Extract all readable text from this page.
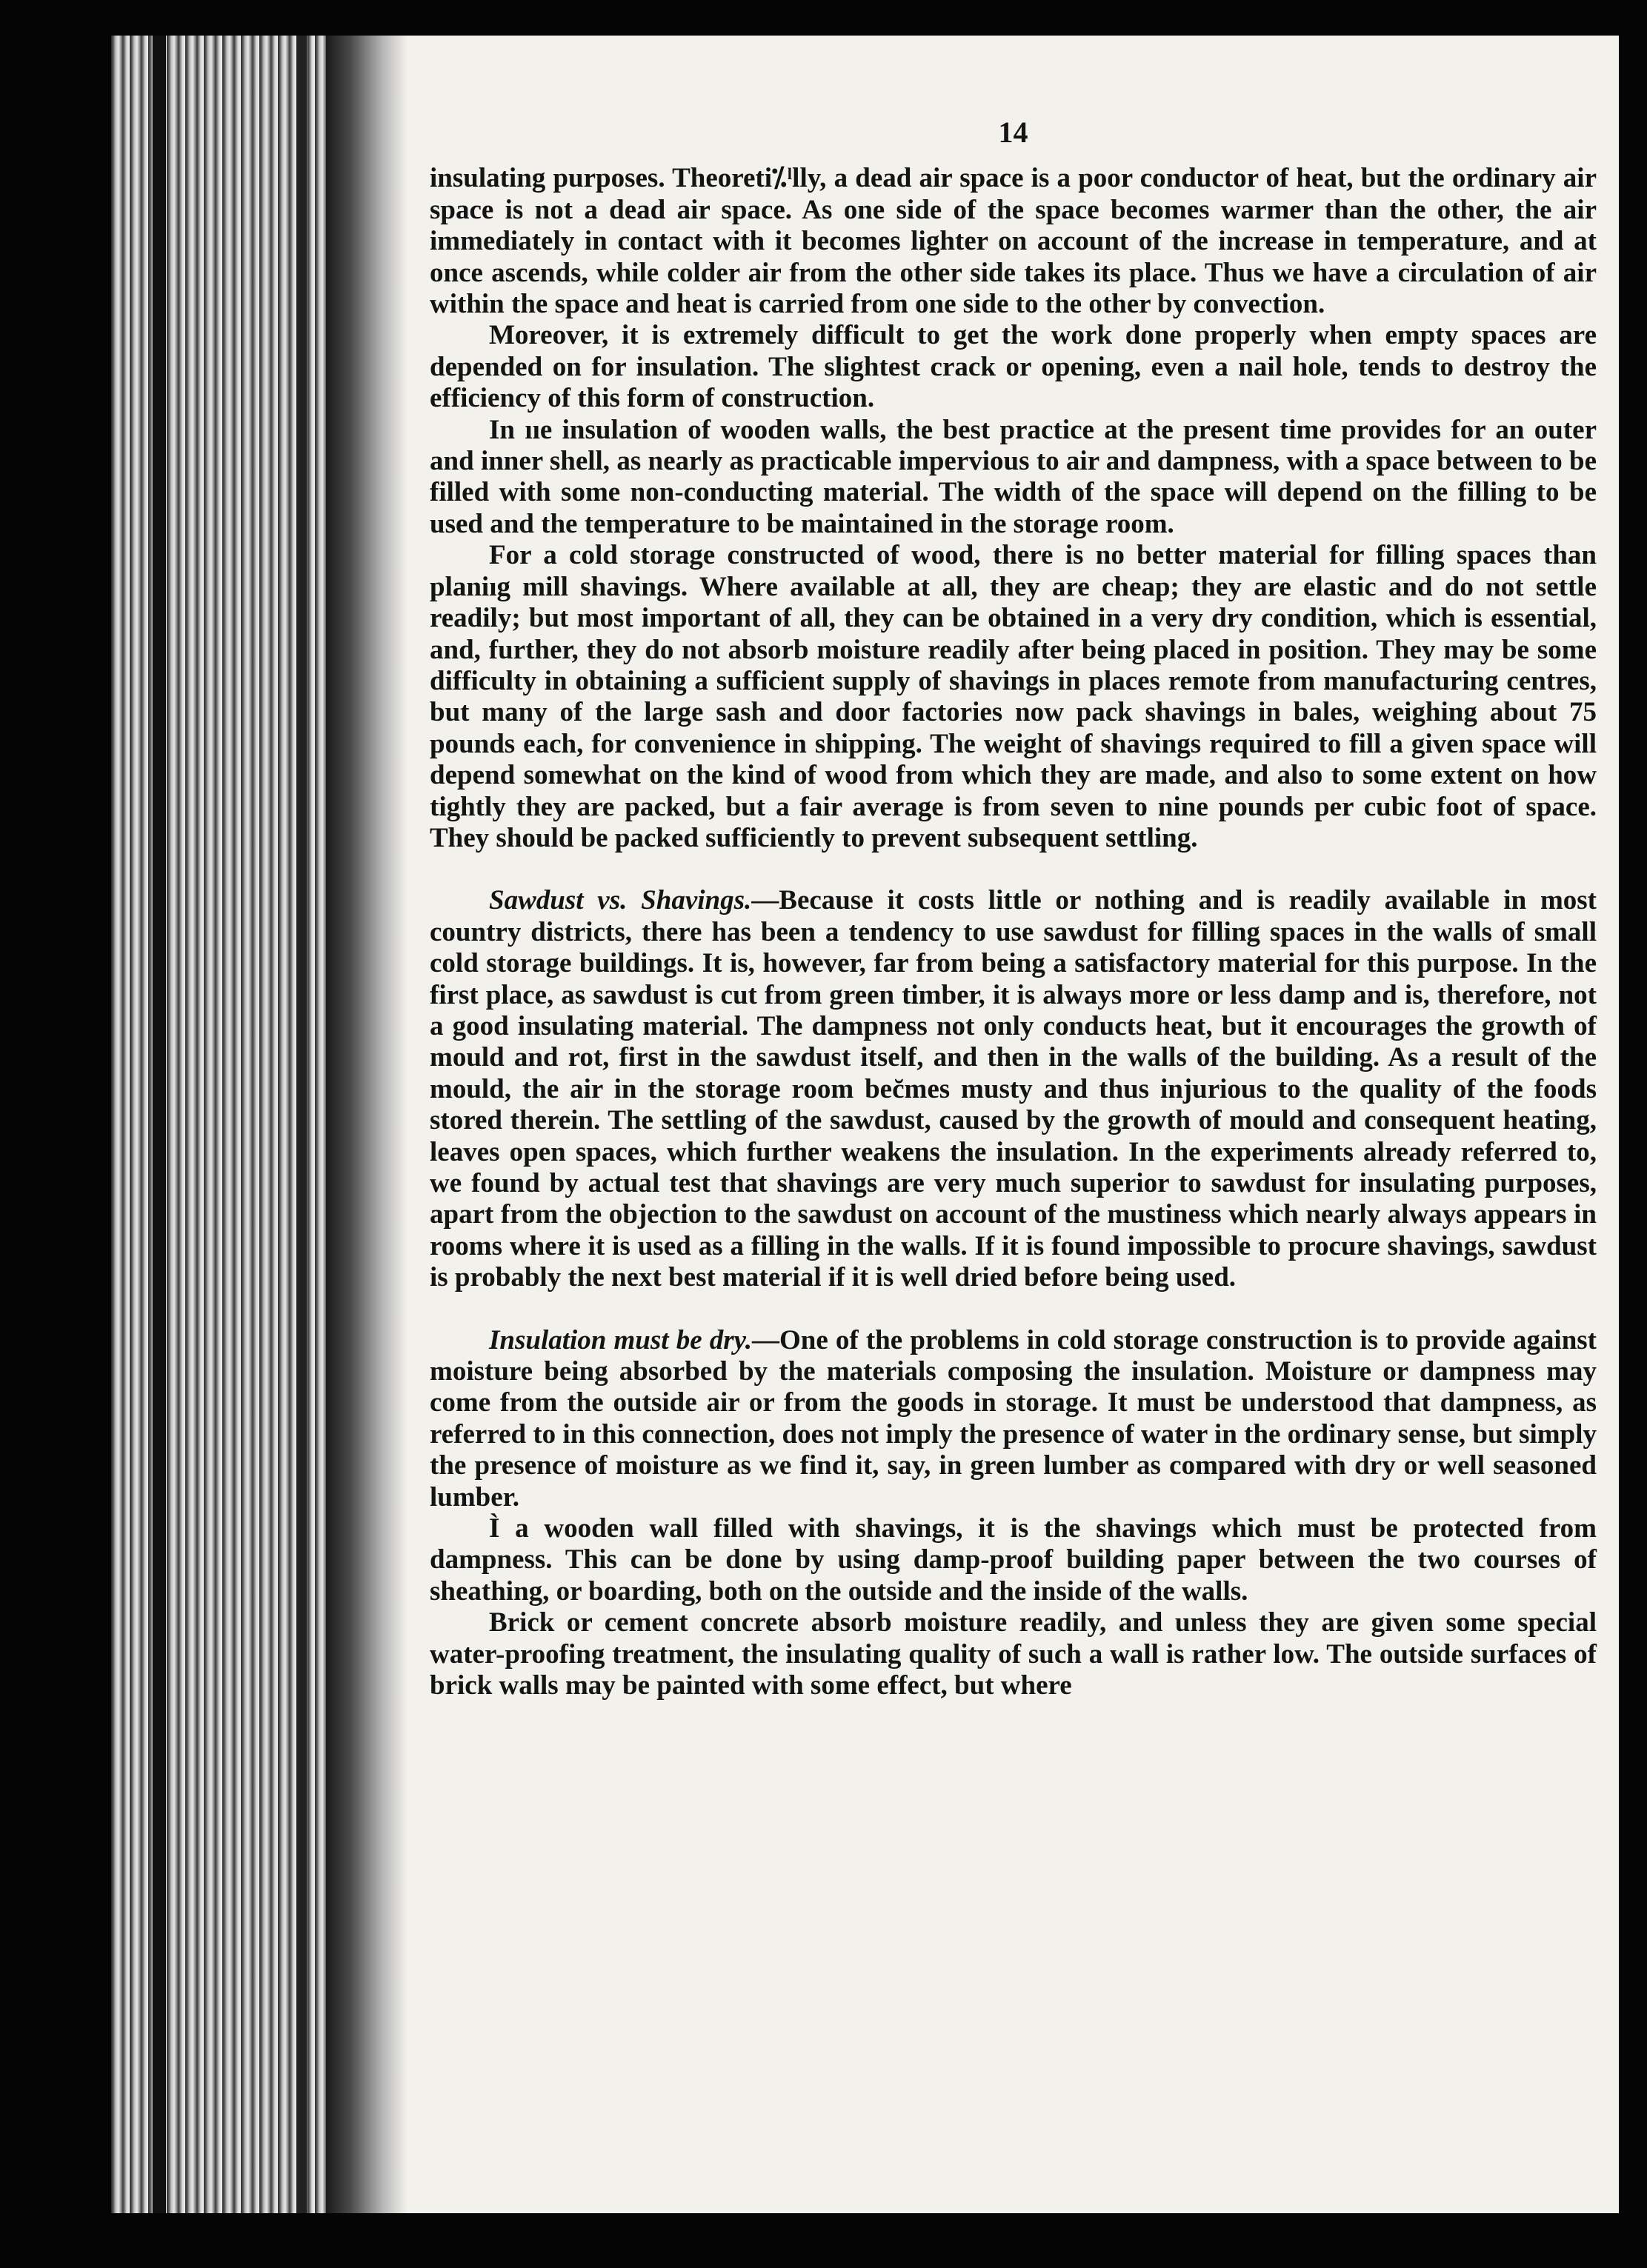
14

insulating purposes. Theoreti⁒ˡlly, a dead air space is a poor conductor of heat, but the ordinary air space is not a dead air space. As one side of the space becomes warmer than the other, the air immediately in contact with it becomes lighter on account of the increase in temperature, and at once ascends, while colder air from the other side takes its place. Thus we have a circulation of air within the space and heat is carried from one side to the other by convection.

Moreover, it is extremely difficult to get the work done properly when empty spaces are depended on for insulation. The slightest crack or opening, even a nail hole, tends to destroy the efficiency of this form of construction.

In ııe insulation of wooden walls, the best practice at the present time provides for an outer and inner shell, as nearly as practicable impervious to air and dampness, with a space between to be filled with some non-conducting material. The width of the space will depend on the filling to be used and the temperature to be maintained in the storage room.

For a cold storage constructed of wood, there is no better material for filling spaces than planiıg mill shavings. Where available at all, they are cheap; they are elastic and do not settle readily; but most important of all, they can be obtained in a very dry condition, which is essential, and, further, they do not absorb moisture readily after being placed in position. They may be some difficulty in obtaining a sufficient supply of shavings in places remote from manufacturing centres, but many of the large sash and door factories now pack shavings in bales, weighing about 75 pounds each, for convenience in shipping. The weight of shavings required to fill a given space will depend somewhat on the kind of wood from which they are made, and also to some extent on how tightly they are packed, but a fair average is from seven to nine pounds per cubic foot of space. They should be packed sufficiently to prevent subsequent settling.

Sawdust vs. Shavings.—Because it costs little or nothing and is readily available in most country districts, there has been a tendency to use sawdust for filling spaces in the walls of small cold storage buildings. It is, however, far from being a satisfactory material for this purpose. In the first place, as sawdust is cut from green timber, it is always more or less damp and is, therefore, not a good insulating material. The dampness not only conducts heat, but it encourages the growth of mould and rot, first in the sawdust itself, and then in the walls of the building. As a result of the mould, the air in the storage room bec̆mes musty and thus injurious to the quality of the foods stored therein. The settling of the sawdust, caused by the growth of mould and consequent heating, leaves open spaces, which further weakens the insulation. In the experiments already referred to, we found by actual test that shavings are very much superior to sawdust for insulating purposes, apart from the objection to the sawdust on account of the mustiness which nearly always appears in rooms where it is used as a filling in the walls. If it is found impossible to procure shavings, sawdust is probably the next best material if it is well dried before being used.

Insulation must be dry.—One of the problems in cold storage construction is to provide against moisture being absorbed by the materials composing the insulation. Moisture or dampness may come from the outside air or from the goods in storage. It must be understood that dampness, as referred to in this connection, does not imply the presence of water in the ordinary sense, but simply the presence of moisture as we find it, say, in green lumber as compared with dry or well seasoned lumber.

Ì a wooden wall filled with shavings, it is the shavings which must be protected from dampness. This can be done by using damp-proof building paper between the two courses of sheathing, or boarding, both on the outside and the inside of the walls.

Brick or cement concrete absorb moisture readily, and unless they are given some special water-proofing treatment, the insulating quality of such a wall is rather low. The outside surfaces of brick walls may be painted with some effect, but where
